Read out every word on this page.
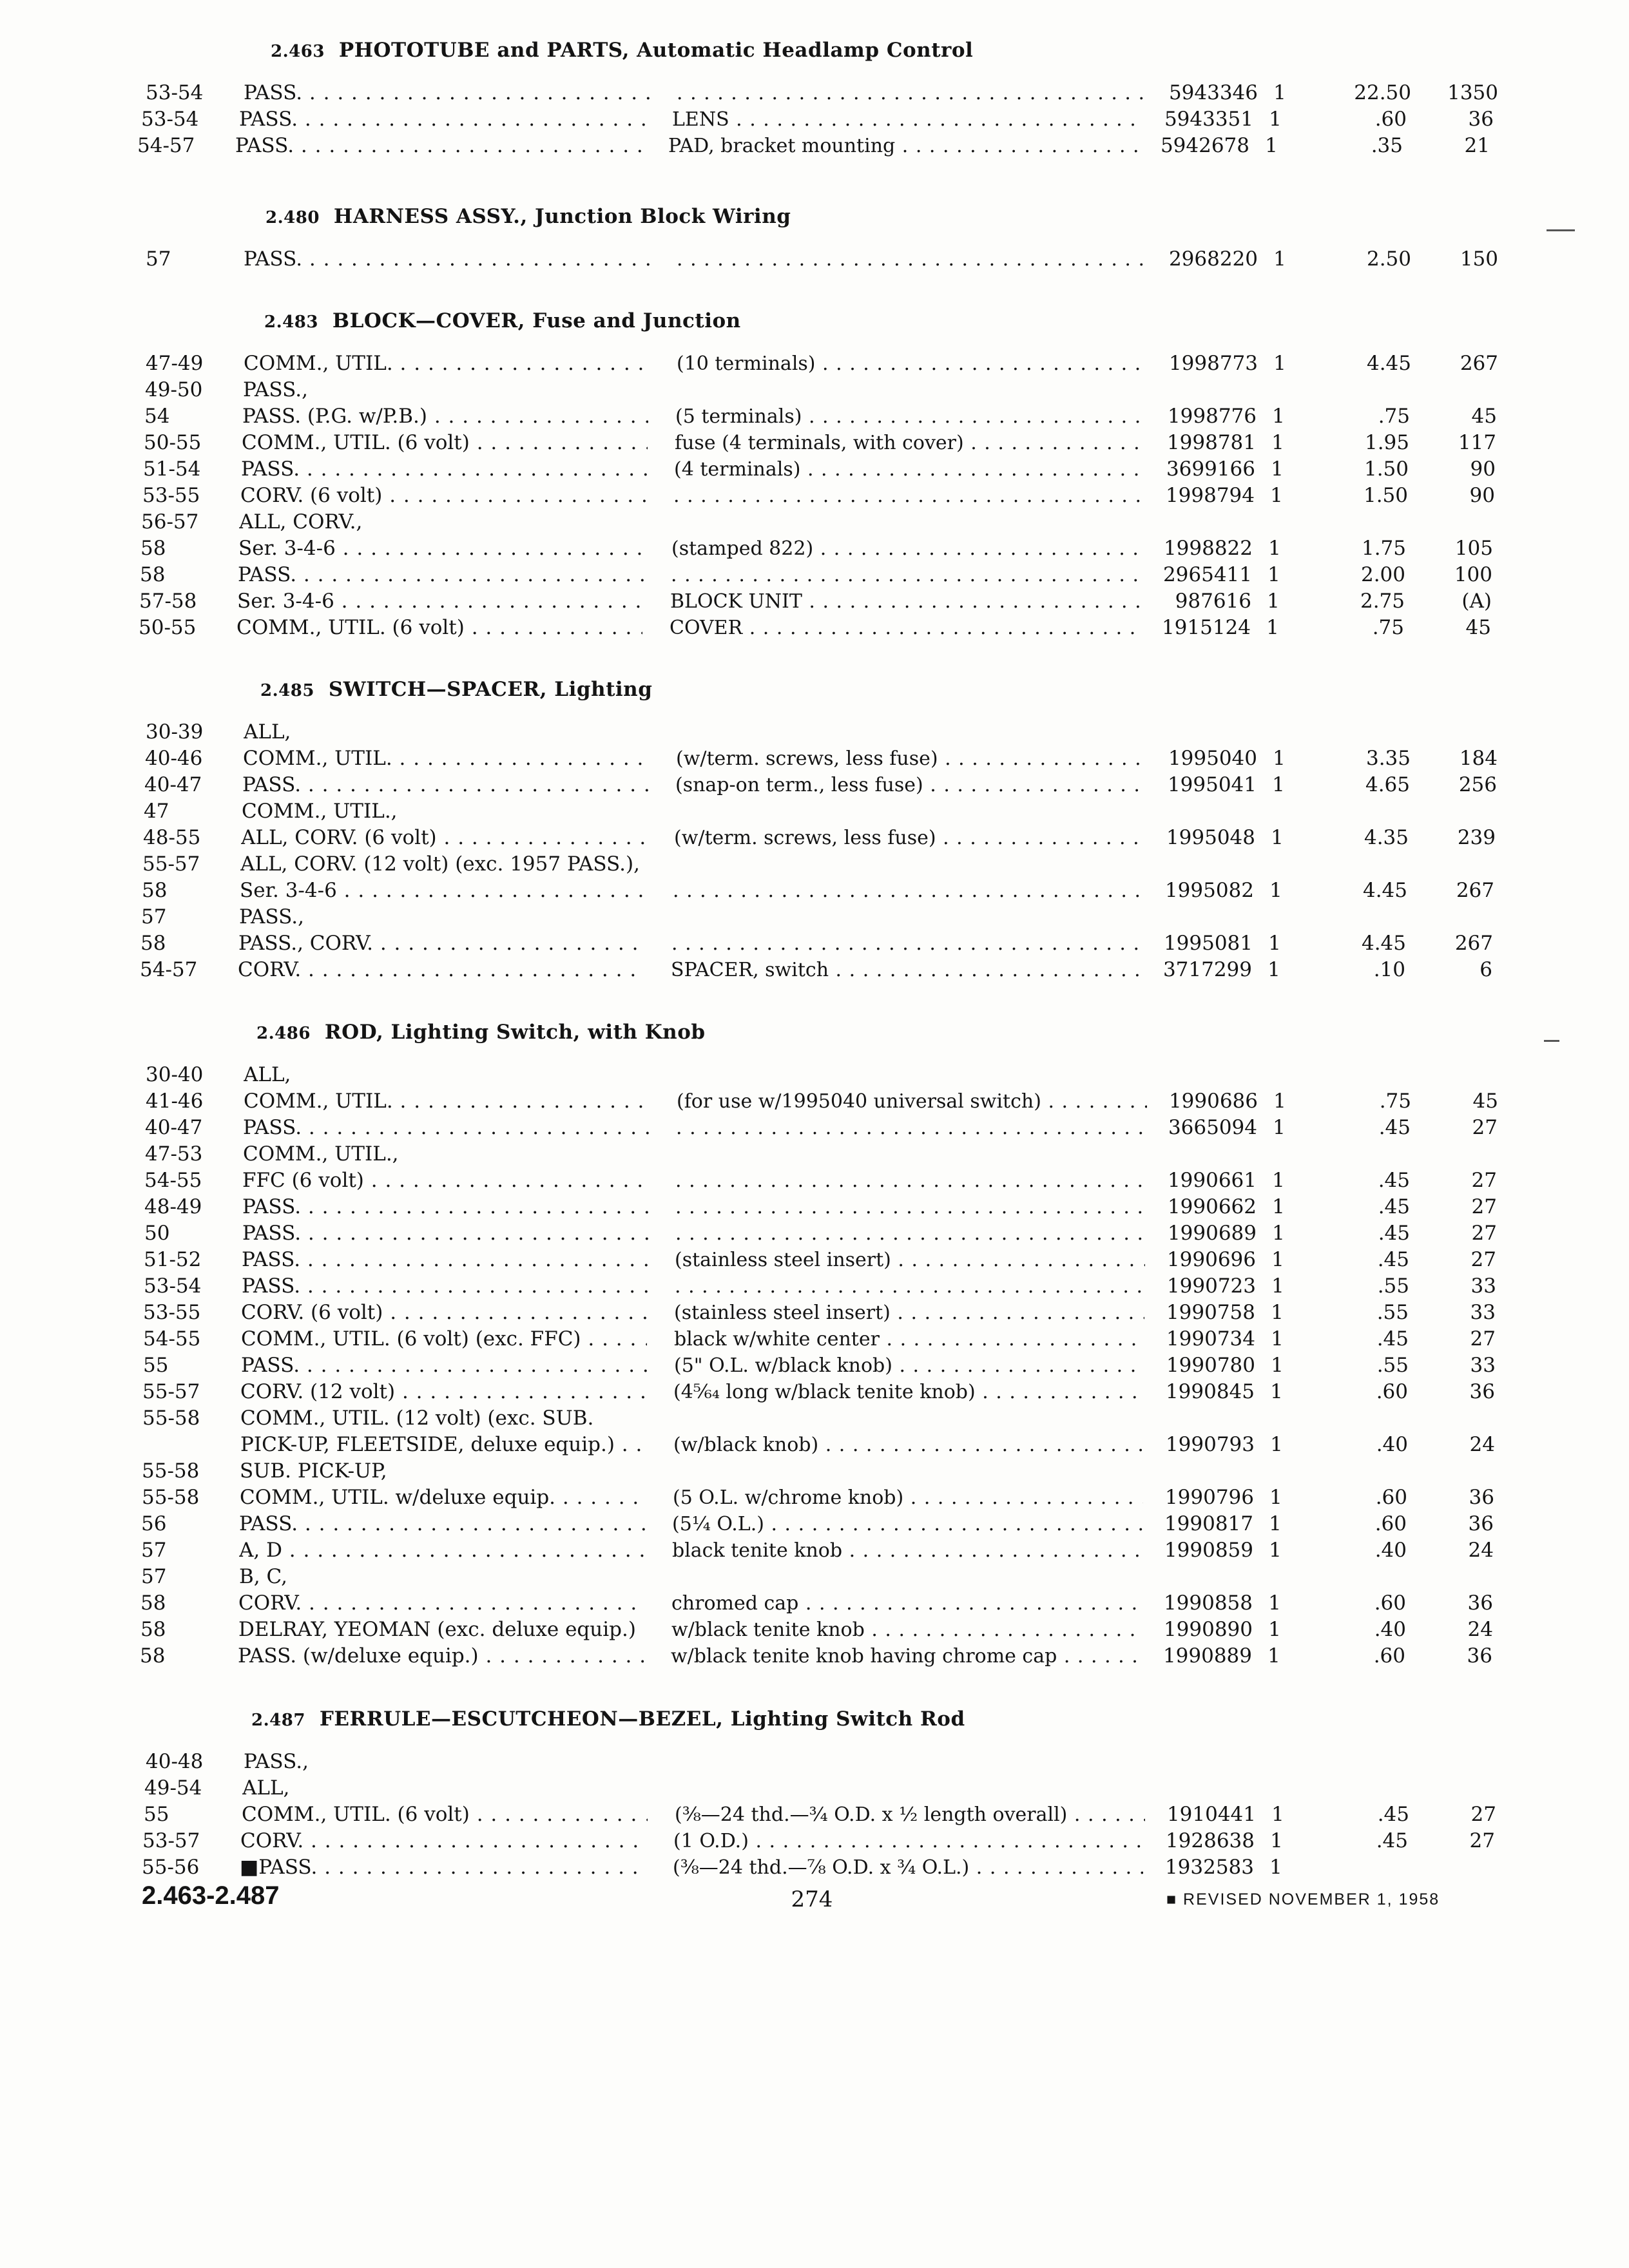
2.463 PHOTOTUBE and PARTS, Automatic Headlamp Control
53-54	PASS. . . . . . .	5943346 1	22.50	1350
53-54	PASS. . . .	LENS . . .	5943351 1	.60	36
54-57	PASS. . . .	PAD, bracket mounting . . .	5942678 1	.35	21
2.480 HARNESS ASSY., Junction Block Wiring
57	PASS. . . . . . .	2968220 1	2.50	150
2.483 BLOCK—COVER, Fuse and Junction
47-49	COMM., UTIL. . . .	(10 terminals) . . .	1998773 1	4.45	267
49-50	PASS.,
54	PASS. (P.G. w/P.B.) . . .	(5 terminals) . . .	1998776 1	.75	45
50-55	COMM., UTIL. (6 volt) . . .	fuse (4 terminals, with cover) . . .	1998781 1	1.95	117
51-54	PASS. . . .	(4 terminals) . . .	3699166 1	1.50	90
53-55	CORV. (6 volt) . . . . . .	1998794 1	1.50	90
56-57	ALL, CORV.,
58	Ser. 3-4-6 . . .	(stamped 822) . . .	1998822 1	1.75	105
58	PASS. . . . . . .	2965411 1	2.00	100
57-58	Ser. 3-4-6 . . .	BLOCK UNIT . . .	987616 1	2.75	(A)
50-55	COMM., UTIL. (6 volt) . . .	COVER . . .	1915124 1	.75	45
2.485 SWITCH—SPACER, Lighting
30-39	ALL,
40-46	COMM., UTIL. . . .	(w/term. screws, less fuse) . . .	1995040 1	3.35	184
40-47	PASS. . . .	(snap-on term., less fuse) . . .	1995041 1	4.65	256
47	COMM., UTIL.,
48-55	ALL, CORV. (6 volt) . . .	(w/term. screws, less fuse) . . .	1995048 1	4.35	239
55-57	ALL, CORV. (12 volt) (exc. 1957 PASS.),
58	Ser. 3-4-6 . . . . . .	1995082 1	4.45	267
57	PASS.,
58	PASS., CORV. . . . . . .	1995081 1	4.45	267
54-57	CORV. . . .	SPACER, switch . . .	3717299 1	.10	6
2.486 ROD, Lighting Switch, with Knob
30-40	ALL,
41-46	COMM., UTIL. . . .	(for use w/1995040 universal switch) . . .	1990686 1	.75	45
40-47	PASS. . . . . . .	3665094 1	.45	27
47-53	COMM., UTIL.,
54-55	FFC (6 volt) . . . . . .	1990661 1	.45	27
48-49	PASS. . . . . . .	1990662 1	.45	27
50	PASS. . . . . . .	1990689 1	.45	27
51-52	PASS. . . .	(stainless steel insert) . . .	1990696 1	.45	27
53-54	PASS. . . . . . .	1990723 1	.55	33
53-55	CORV. (6 volt) . . .	(stainless steel insert) . . .	1990758 1	.55	33
54-55	COMM., UTIL. (6 volt) (exc. FFC) . . .	black w/white center . . .	1990734 1	.45	27
55	PASS. . . .	(5" O.L. w/black knob) . . .	1990780 1	.55	33
55-57	CORV. (12 volt) . . .	(4⁵⁄₆₄ long w/black tenite knob) . . .	1990845 1	.60	36
55-58	COMM., UTIL. (12 volt) (exc. SUB.
PICK-UP, FLEETSIDE, deluxe equip.) . . .	(w/black knob) . . .	1990793 1	.40	24
55-58	SUB. PICK-UP,
55-58	COMM., UTIL. w/deluxe equip. . . .	(5 O.L. w/chrome knob) . . .	1990796 1	.60	36
56	PASS. . . .	(5¼ O.L.) . . .	1990817 1	.60	36
57	A, D . . .	black tenite knob . . .	1990859 1	.40	24
57	B, C,
58	CORV. . . .	chromed cap . . .	1990858 1	.60	36
58	DELRAY, YEOMAN (exc. deluxe equip.) . . .	w/black tenite knob . . .	1990890 1	.40	24
58	PASS. (w/deluxe equip.) . . .	w/black tenite knob having chrome cap . . .	1990889 1	.60	36
2.487 FERRULE—ESCUTCHEON—BEZEL, Lighting Switch Rod
40-48	PASS.,
49-54	ALL,
55	COMM., UTIL. (6 volt) . . .	(⅜—24 thd.—¾ O.D. x ½ length overall) . . .	1910441 1	.45	27
53-57	CORV. . . .	(1 O.D.) . . .	1928638 1	.45	27
55-56	■PASS. . . .	(⅜—24 thd.—⅞ O.D. x ¾ O.L.) . . .	1932583 1
2.463-2.487	274	■ REVISED NOVEMBER 1, 1958
